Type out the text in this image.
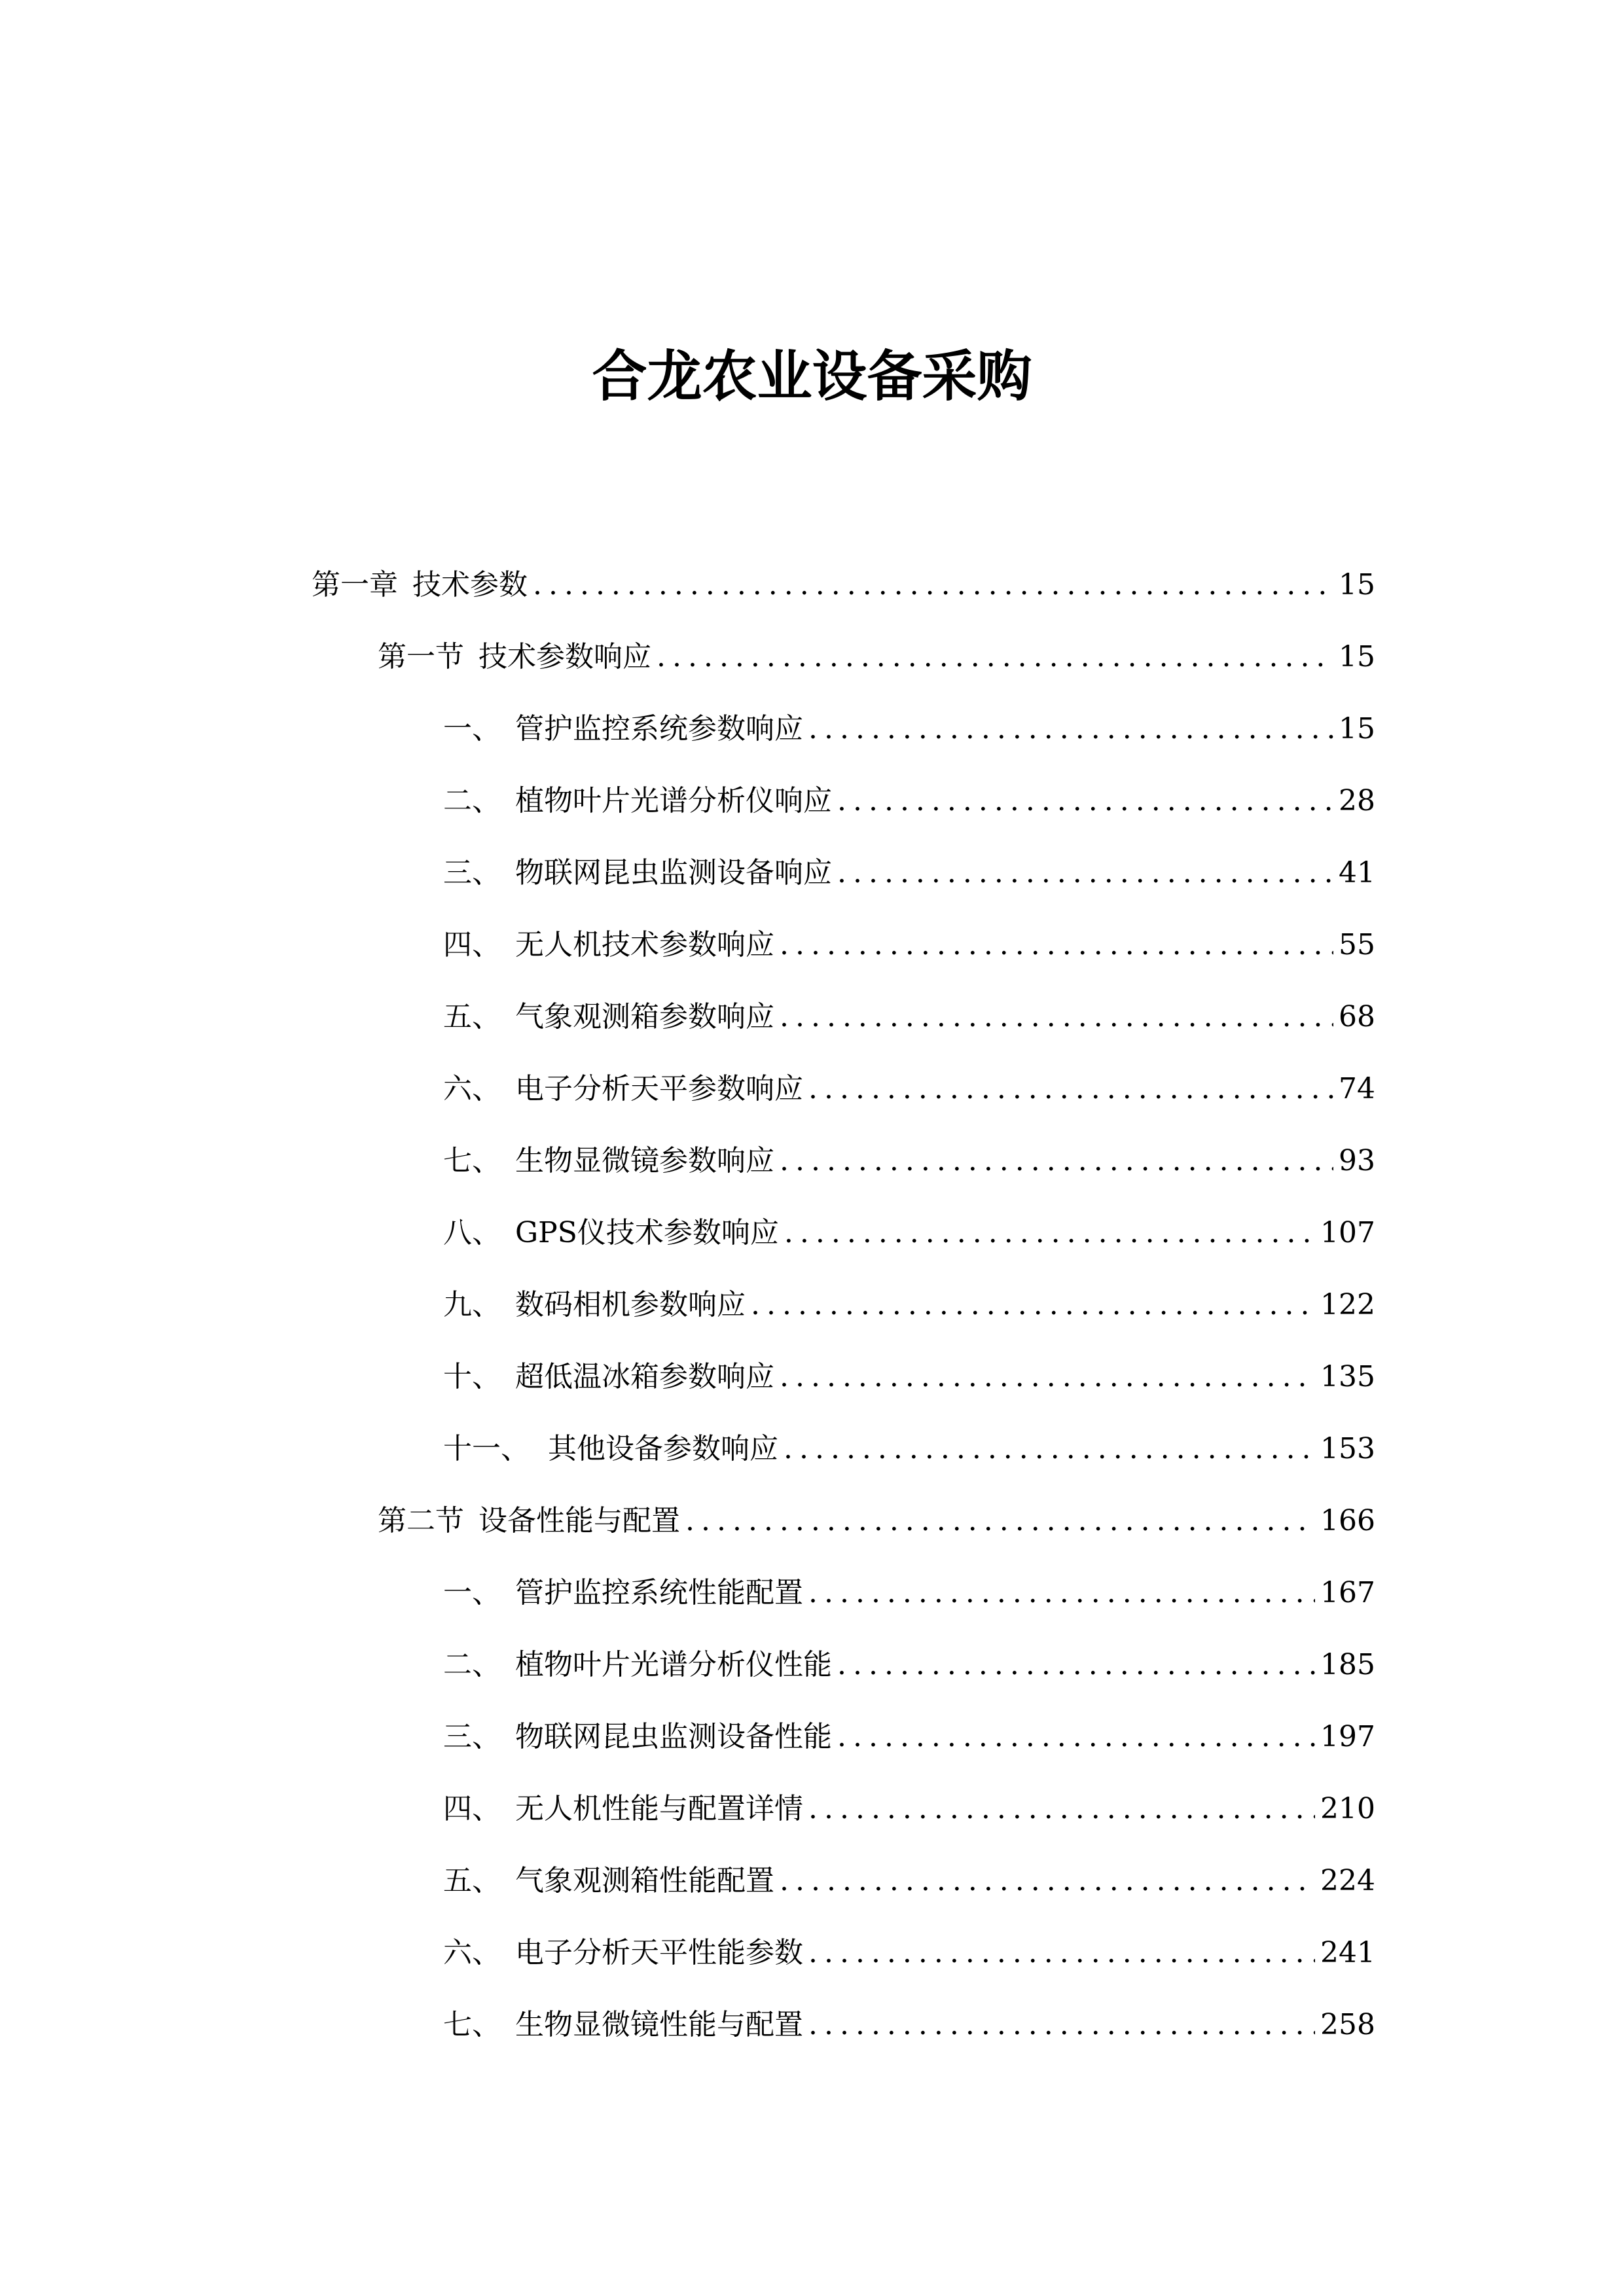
合龙农业设备采购
第一章 技术参数 .....	15
第一节 技术参数响应 .....	15
一、 管护监控系统参数响应 .....	15
二、 植物叶片光谱分析仪响应 .....	28
三、 物联网昆虫监测设备响应 .....	41
四、 无人机技术参数响应 .....	55
五、 气象观测箱参数响应 .....	68
六、 电子分析天平参数响应 .....	74
七、 生物显微镜参数响应 .....	93
八、 GPS仪技术参数响应 .....	107
九、 数码相机参数响应 .....	122
十、 超低温冰箱参数响应 .....	135
十一、 其他设备参数响应 .....	153
第二节 设备性能与配置 .....	166
一、 管护监控系统性能配置 .....	167
二、 植物叶片光谱分析仪性能 .....	185
三、 物联网昆虫监测设备性能 .....	197
四、 无人机性能与配置详情 .....	210
五、 气象观测箱性能配置 .....	224
六、 电子分析天平性能参数 .....	241
七、 生物显微镜性能与配置 .....	258
